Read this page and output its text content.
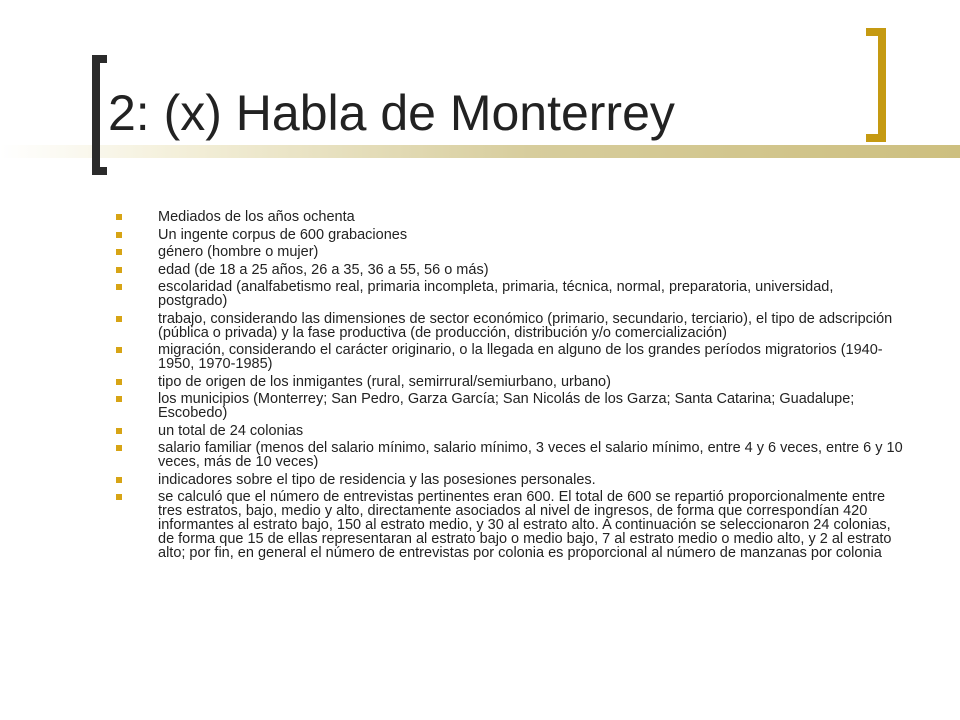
2: (x) Habla de Monterrey
Mediados de los años ochenta
Un ingente corpus de 600 grabaciones
género (hombre o mujer)
edad (de 18 a 25 años, 26 a 35, 36 a 55, 56 o más)
escolaridad (analfabetismo real, primaria incompleta, primaria, técnica, normal, preparatoria, universidad, postgrado)
trabajo, considerando las dimensiones de sector económico (primario, secundario, terciario), el tipo de adscripción (pública o privada) y la fase productiva (de producción, distribución y/o comercialización)
migración, considerando el carácter originario, o la llegada en alguno de los grandes períodos migratorios (1940-1950, 1970-1985)
tipo de origen de los inmigantes (rural, semirrural/semiurbano, urbano)
los municipios (Monterrey; San Pedro, Garza García; San Nicolás de los Garza; Santa Catarina; Guadalupe; Escobedo)
un total de 24 colonias
salario familiar (menos del salario mínimo, salario mínimo, 3 veces el salario mínimo, entre 4 y 6 veces, entre 6 y 10 veces, más de 10 veces)
indicadores sobre el tipo de residencia y las posesiones personales.
se calculó que el número de entrevistas pertinentes eran 600. El total de 600 se repartió proporcionalmente entre tres estratos, bajo, medio y alto, directamente asociados al nivel de ingresos, de forma que correspondían 420 informantes al estrato bajo, 150 al estrato medio, y 30 al estrato alto. A continuación se seleccionaron 24 colonias, de forma que 15 de ellas representaran al estrato bajo o medio bajo, 7 al estrato medio o medio alto, y 2 al estrato alto; por fin, en general el número de entrevistas por colonia es proporcional al número de manzanas por colonia
